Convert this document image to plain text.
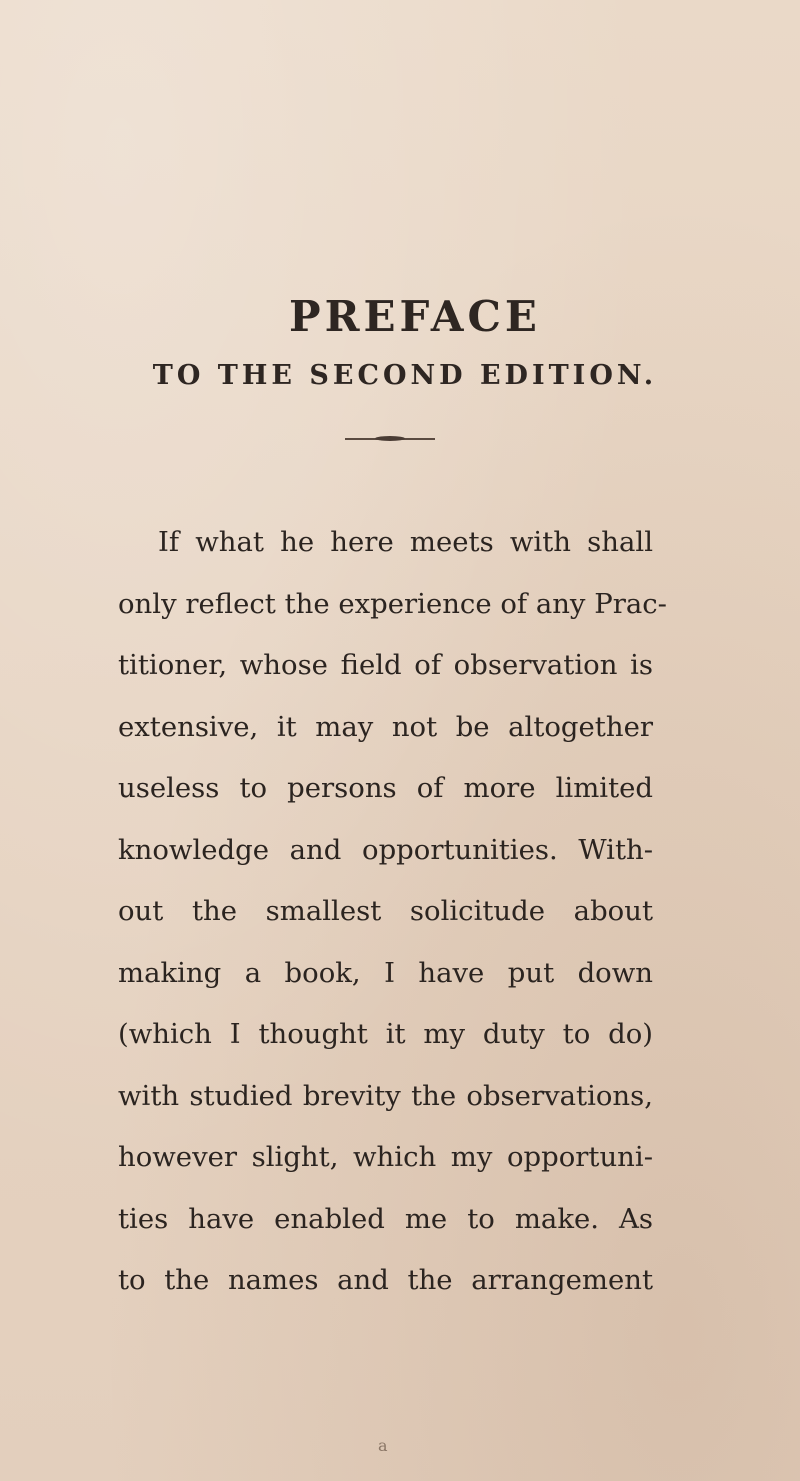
PREFACE
TO THE SECOND EDITION.
If what he here meets with shall
only reflect the experience of any Prac-
titioner, whose field of observation is
extensive, it may not be altogether
useless to persons of more limited
knowledge and opportunities. With-
out the smallest solicitude about
making a book, I have put down
(which I thought it my duty to do)
with studied brevity the observations,
however slight, which my opportuni-
ties have enabled me to make. As
to the names and the arrangement
a
